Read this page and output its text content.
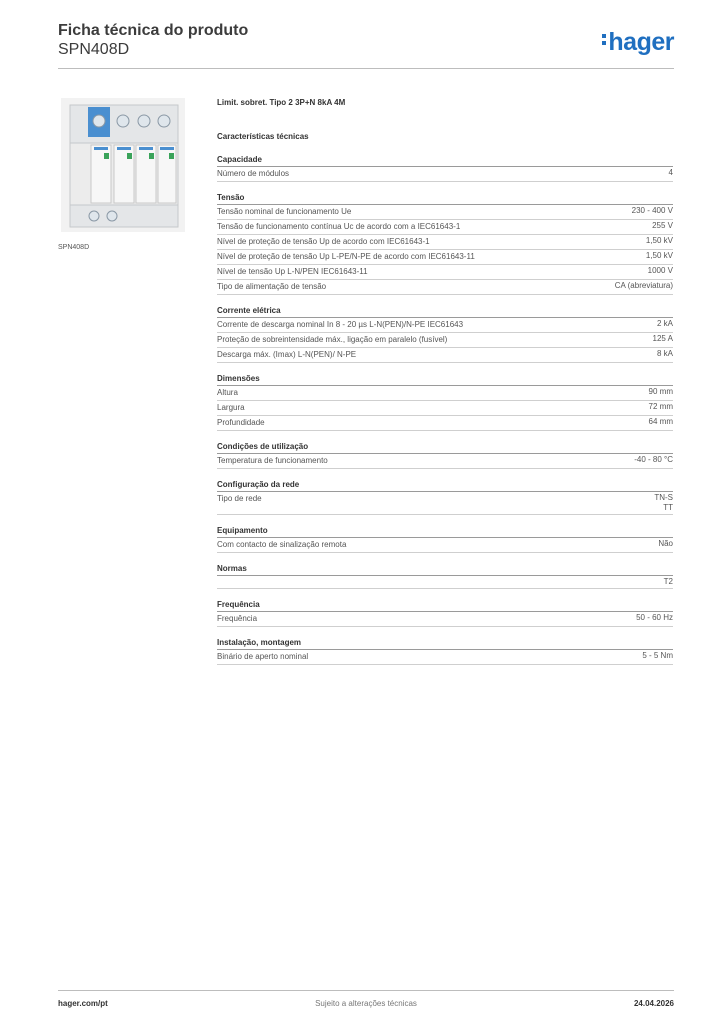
Ficha técnica do produto
SPN408D	hager
SPN408D
Limit. sobret. Tipo 2 3P+N 8kA 4M
Características técnicas
Capacidade
Número de módulos	4
Tensão
Tensão nominal de funcionamento Ue	230 - 400 V
Tensão de funcionamento contínua Uc de acordo com a IEC61643-1	255 V
Nível de proteção de tensão Up de acordo com IEC61643-1	1,50 kV
Nível de proteção de tensão Up L-PE/N-PE de acordo com IEC61643-11	1,50 kV
Nível de tensão Up L-N/PEN IEC61643-11	1000 V
Tipo de alimentação de tensão	CA (abreviatura)
Corrente elétrica
Corrente de descarga nominal In 8 - 20 µs L-N(PEN)/N-PE IEC61643	2 kA
Proteção de sobreintensidade máx., ligação em paralelo (fusível)	125 A
Descarga máx. (Imax) L-N(PEN)/ N-PE	8 kA
Dimensões
Altura	90 mm
Largura	72 mm
Profundidade	64 mm
Condições de utilização
Temperatura de funcionamento	-40 - 80 °C
Configuração da rede
Tipo de rede	TN-S
TT
Equipamento
Com contacto de sinalização remota	Não
Normas
T2
Frequência
Frequência	50 - 60 Hz
Instalação, montagem
Binário de aperto nominal	5 - 5 Nm
hager.com/pt	Sujeito a alterações técnicas	24.04.2026
